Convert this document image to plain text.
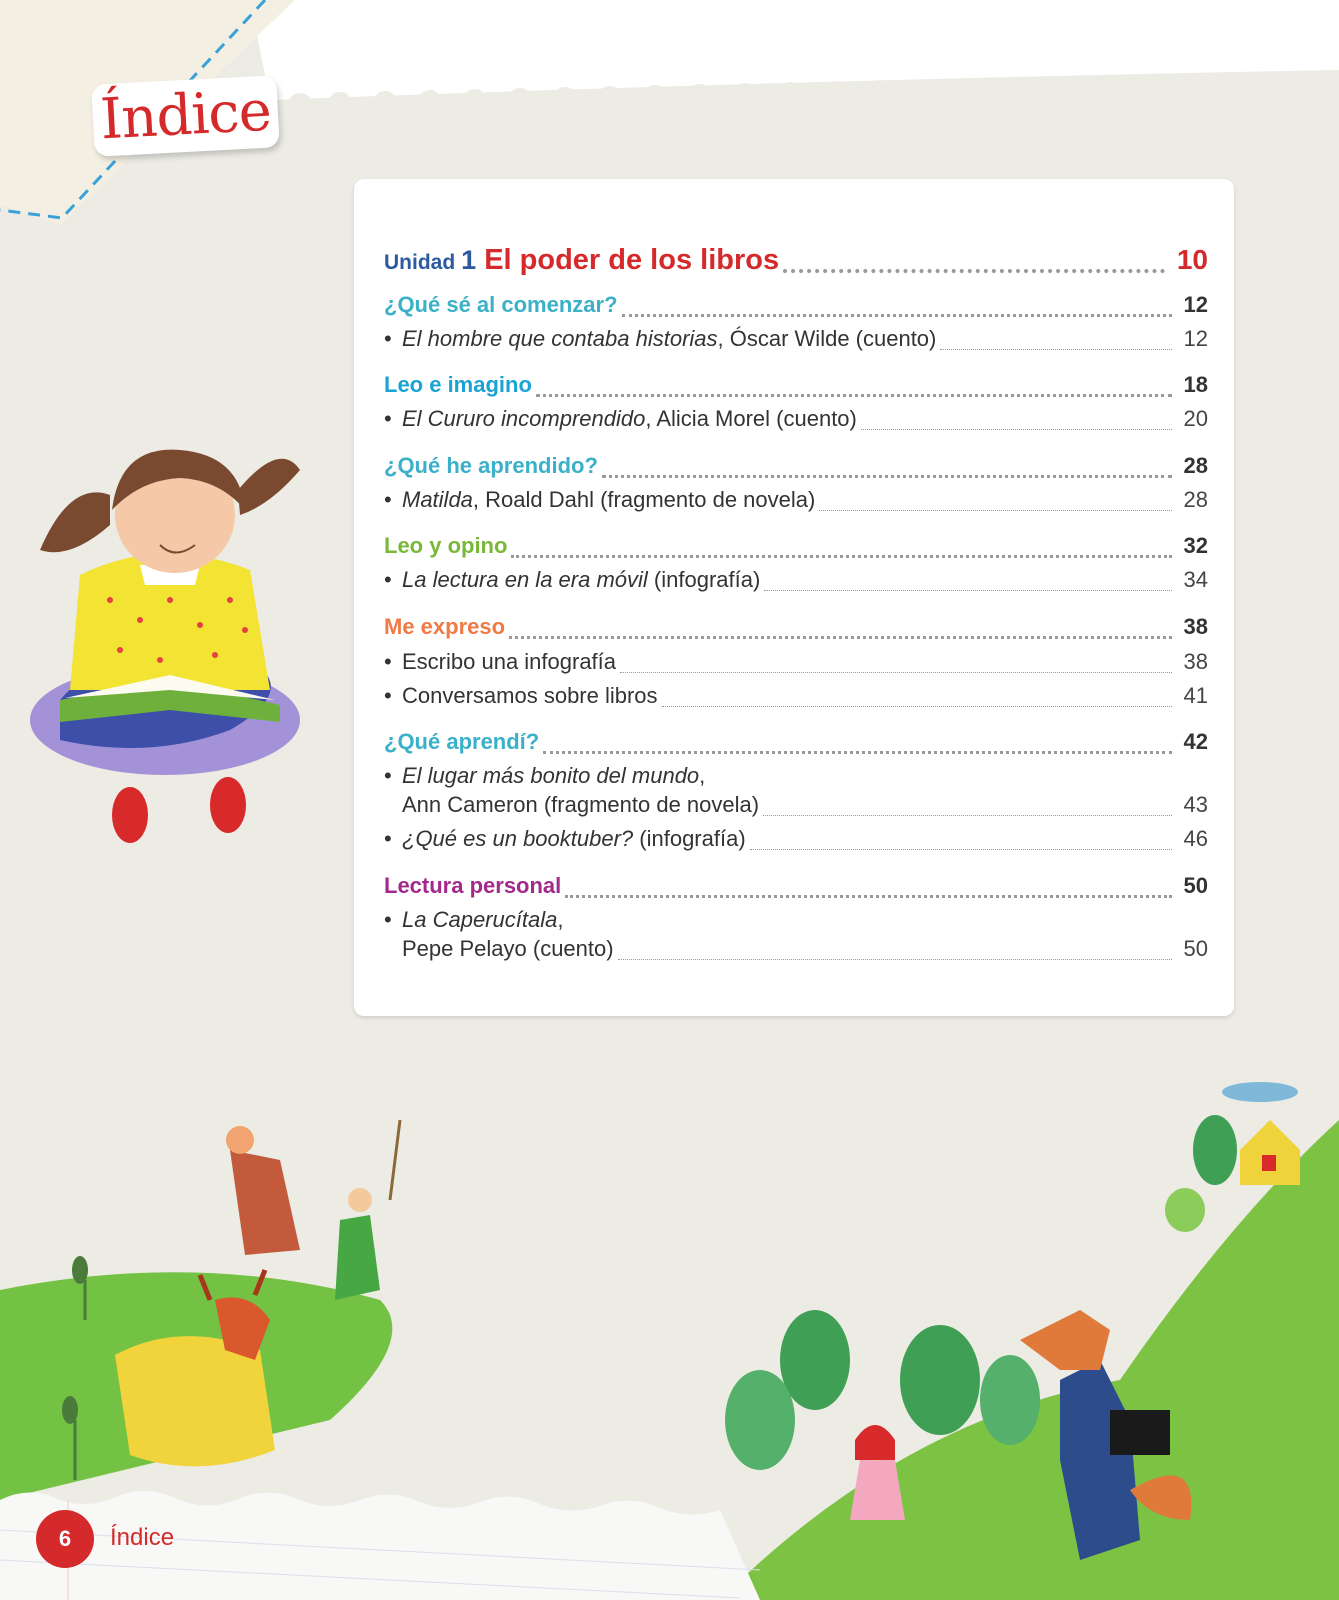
Índice
Unidad 1 El poder de los libros	10
¿Qué sé al comenzar?	12
• El hombre que contaba historias, Óscar Wilde (cuento)	12
Leo e imagino	18
• El Cururo incomprendido, Alicia Morel (cuento)	20
¿Qué he aprendido?	28
• Matilda, Roald Dahl (fragmento de novela)	28
Leo y opino	32
• La lectura en la era móvil (infografía)	34
Me expreso	38
• Escribo una infografía	38
• Conversamos sobre libros	41
¿Qué aprendí?	42
• El lugar más bonito del mundo,
Ann Cameron (fragmento de novela)	43
• ¿Qué es un booktuber? (infografía)	46
Lectura personal	50
• La Caperucítala,
Pepe Pelayo (cuento)	50
6 Índice
